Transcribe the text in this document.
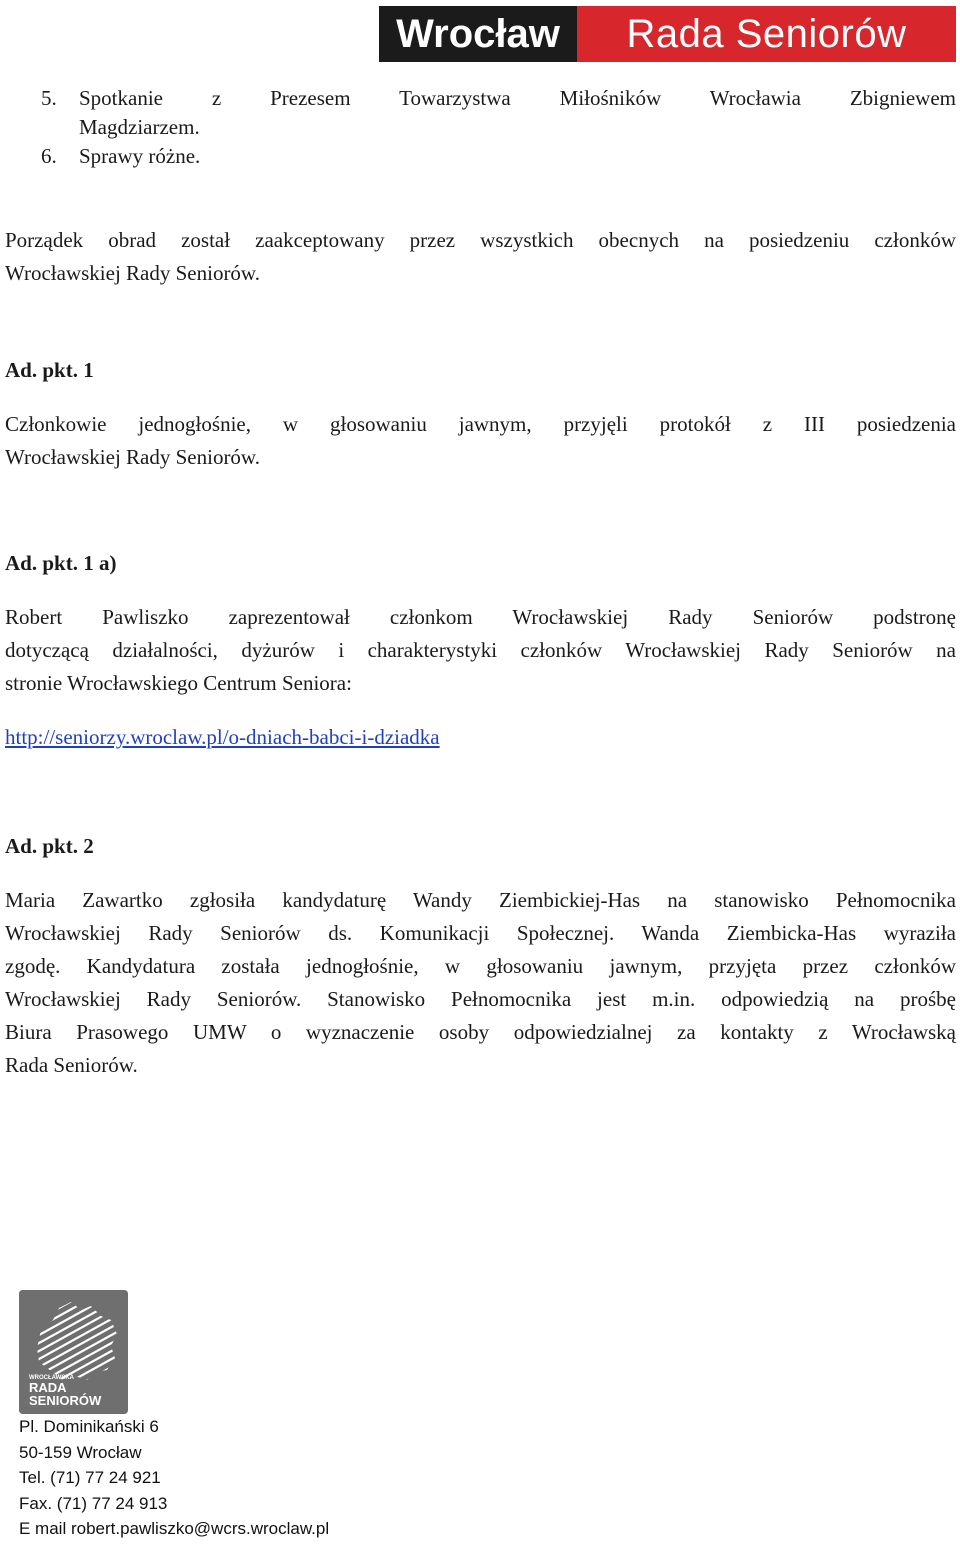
Wrocław	Rada Seniorów
5.	Spotkanie z Prezesem Towarzystwa Miłośników Wrocławia Zbigniewem
Magdziarzem.
6.	Sprawy różne.
Porządek obrad został zaakceptowany przez wszystkich obecnych na posiedzeniu członków
Wrocławskiej Rady Seniorów.
Ad. pkt. 1
Członkowie jednogłośnie, w głosowaniu jawnym, przyjęli protokół z III posiedzenia
Wrocławskiej Rady Seniorów.
Ad. pkt. 1 a)
Robert Pawliszko zaprezentował członkom Wrocławskiej Rady Seniorów podstronę
dotyczącą działalności, dyżurów i charakterystyki członków Wrocławskiej Rady Seniorów na
stronie Wrocławskiego Centrum Seniora:
http://seniorzy.wroclaw.pl/o-dniach-babci-i-dziadka
Ad. pkt. 2
Maria Zawartko zgłosiła kandydaturę Wandy Ziembickiej-Has na stanowisko Pełnomocnika
Wrocławskiej Rady Seniorów ds. Komunikacji Społecznej. Wanda Ziembicka-Has wyraziła
zgodę. Kandydatura została jednogłośnie, w głosowaniu jawnym, przyjęta przez członków
Wrocławskiej Rady Seniorów. Stanowisko Pełnomocnika jest m.in. odpowiedzią na prośbę
Biura Prasowego UMW o wyznaczenie osoby odpowiedzialnej za kontakty z Wrocławską
Rada Seniorów.
WROCŁAWSKA
RADA
SENIORÓW
Pl. Dominikański 6
50-159 Wrocław
Tel. (71) 77 24 921
Fax. (71) 77 24 913
E mail robert.pawliszko@wcrs.wroclaw.pl
